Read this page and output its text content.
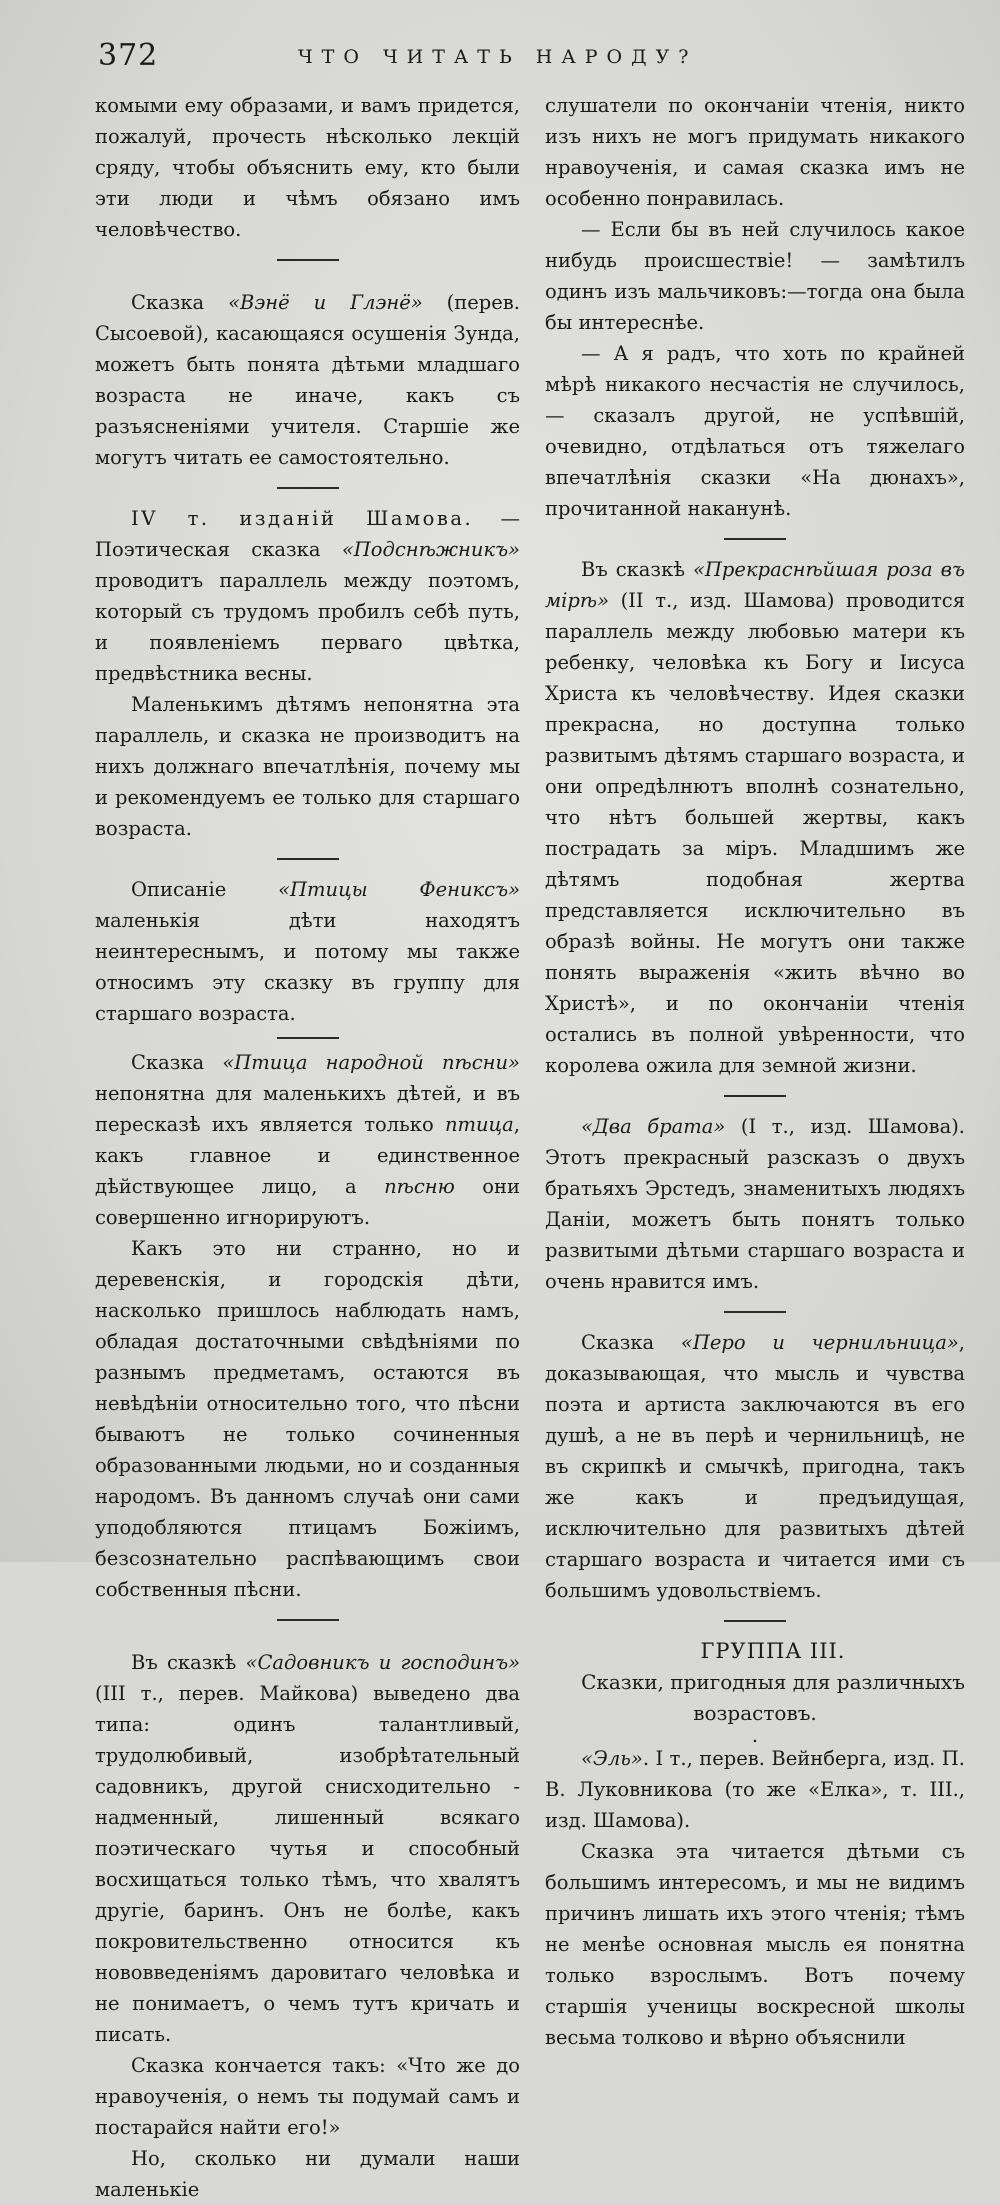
372	ЧТО ЧИТАТЬ НАРОДУ?

комыми ему образами, и вамъ придется, пожалуй, прочесть нѣсколько лекцій сряду, чтобы объяснить ему, кто были эти люди и чѣмъ обязано имъ человѣчество.

Сказка «Вэнё и Глэнё» (перев. Сысоевой), касающаяся осушенія Зунда, можетъ быть понята дѣтьми младшаго возраста не иначе, какъ съ разъясненіями учителя. Старшіе же могутъ читать ее самостоятельно.

IV т. изданій Шамова. — Поэтическая сказка «Подснѣжникъ» проводитъ параллель между поэтомъ, который съ трудомъ пробилъ себѣ путь, и появленіемъ перваго цвѣтка, предвѣстника весны.

Маленькимъ дѣтямъ непонятна эта параллель, и сказка не производитъ на нихъ должнаго впечатлѣнія, почему мы и рекомендуемъ ее только для старшаго возраста.

Описаніе «Птицы Фениксъ» маленькія дѣти находятъ неинтереснымъ, и потому мы также относимъ эту сказку въ группу для старшаго возраста.

Сказка «Птица народной пѣсни» непонятна для маленькихъ дѣтей, и въ пересказѣ ихъ является только птица, какъ главное и единственное дѣйствующее лицо, а пѣсню они совершенно игнорируютъ.

Какъ это ни странно, но и деревенскія, и городскія дѣти, насколько пришлось наблюдать намъ, обладая достаточными свѣдѣніями по разнымъ предметамъ, остаются въ невѣдѣніи относительно того, что пѣсни бываютъ не только сочиненныя образованными людьми, но и созданныя народомъ. Въ данномъ случаѣ они сами уподобляются птицамъ Божіимъ, безсознательно распѣвающимъ свои собственныя пѣсни.

Въ сказкѣ «Садовникъ и господинъ» (III т., перев. Майкова) выведено два типа: одинъ талантливый, трудолюбивый, изобрѣтательный садовникъ, другой снисходительно - надменный, лишенный всякаго поэтическаго чутья и способный восхищаться только тѣмъ, что хвалятъ другіе, баринъ. Онъ не болѣе, какъ покровительственно относится къ нововведеніямъ даровитаго человѣка и не понимаетъ, о чемъ тутъ кричать и писать.

Сказка кончается такъ: «Что же до нравоученія, о немъ ты подумай самъ и постарайся найти его!»

Но, сколько ни думали наши маленькіе

слушатели по окончаніи чтенія, никто изъ нихъ не могъ придумать никакого нравоученія, и самая сказка имъ не особенно понравилась.

— Если бы въ ней случилось какое нибудь происшествіе! — замѣтилъ одинъ изъ мальчиковъ:—тогда она была бы интереснѣе.

— А я радъ, что хоть по крайней мѣрѣ никакого несчастія не случилось, — сказалъ другой, не успѣвшій, очевидно, отдѣлаться отъ тяжелаго впечатлѣнія сказки «На дюнахъ», прочитанной наканунѣ.

Въ сказкѣ «Прекраснѣйшая роза въ мірѣ» (II т., изд. Шамова) проводится параллель между любовью матери къ ребенку, человѣка къ Богу и Іисуса Христа къ человѣчеству. Идея сказки прекрасна, но доступна только развитымъ дѣтямъ старшаго возраста, и они опредѣлнютъ вполнѣ сознательно, что нѣтъ большей жертвы, какъ пострадать за міръ. Младшимъ же дѣтямъ подобная жертва представляется исключительно въ образѣ войны. Не могутъ они также понять выраженія «жить вѣчно во Христѣ», и по окончаніи чтенія остались въ полной увѣренности, что королева ожила для земной жизни.

«Два брата» (I т., изд. Шамова). Этотъ прекрасный разсказъ о двухъ братьяхъ Эрстедъ, знаменитыхъ людяхъ Даніи, можетъ быть понятъ только развитыми дѣтьми старшаго возраста и очень нравится имъ.

Сказка «Перо и чернильница», доказывающая, что мысль и чувства поэта и артиста заключаются въ его душѣ, а не въ перѣ и чернильницѣ, не въ скрипкѣ и смычкѣ, пригодна, такъ же какъ и предъидущая, исключительно для развитыхъ дѣтей старшаго возраста и читается ими съ большимъ удовольствіемъ.

ГРУППА III.

Сказки, пригодныя для различныхъ возрастовъ.

.

«Эль». I т., перев. Вейнберга, изд. П. В. Луковникова (то же «Елка», т. III., изд. Шамова).

Сказка эта читается дѣтьми съ большимъ интересомъ, и мы не видимъ причинъ лишать ихъ этого чтенія; тѣмъ не менѣе основная мысль ея понятна только взрослымъ. Вотъ почему старшія ученицы воскресной школы весьма толково и вѣрно объяснили
